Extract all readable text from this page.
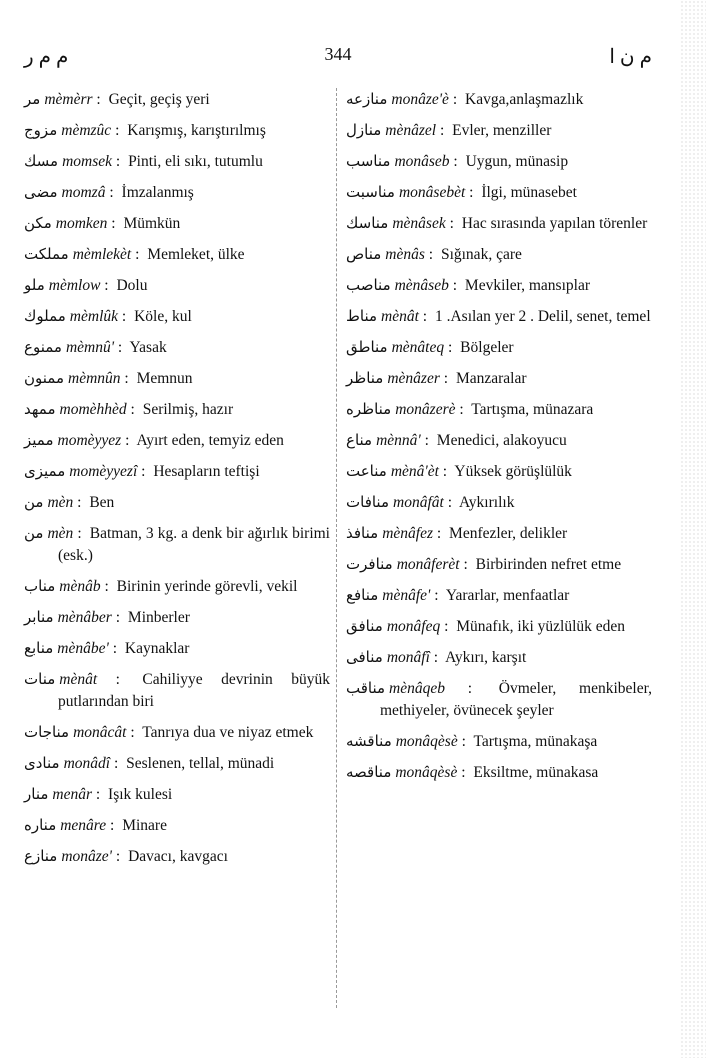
م م ر	344	م ن ا
مر mèmèrr : Geçit, geçiş yeri
مزوج mèmzûc : Karışmış, karıştırılmış
مسك momsek : Pinti, eli sıkı, tutumlu
مضى momzâ : İmzalanmış
مكن momken : Mümkün
مملكت mèmlekèt : Memleket, ülke
ملو mèmlow : Dolu
مملوك mèmlûk : Köle, kul
ممنوع mèmnû' : Yasak
ممنون mèmnûn : Memnun
ممهد momèhhèd : Serilmiş, hazır
مميز momèyyez : Ayırt eden, temyiz eden
مميزى momèyyezî : Hesapların teftişi
من mèn : Ben
من mèn : Batman, 3 kg. a denk bir ağırlık birimi (esk.)
مناب mènâb : Birinin yerinde görevli, vekil
منابر mènâber : Minberler
منابع mènâbe' : Kaynaklar
منات mènât : Cahiliyye devrinin büyük putlarından biri
مناجات monâcât : Tanrıya dua ve niyaz etmek
منادى monâdî : Seslenen, tellal, münadi
منار menâr : Işık kulesi
مناره menâre : Minare
منازع monâze' : Davacı, kavgacı
منازعه monâze'è : Kavga,anlaşmazlık
منازل mènâzel : Evler, menziller
مناسب monâseb : Uygun, münasip
مناسبت monâsebèt : İlgi, münasebet
مناسك mènâsek : Hac sırasında yapılan törenler
مناص mènâs : Sığınak, çare
مناصب mènâseb : Mevkiler, mansıplar
مناط mènât : 1 .Asılan yer 2 . Delil, senet, temel
مناطق mènâteq : Bölgeler
مناظر mènâzer : Manzaralar
مناظره monâzerè : Tartışma, münazara
مناع mènnâ' : Menedici, alakoyucu
مناعت mènâ'èt : Yüksek görüşlülük
منافات monâfât : Aykırılık
منافذ mènâfez : Menfezler, delikler
منافرت monâferèt : Birbirinden nefret etme
منافع mènâfe' : Yararlar, menfaatlar
منافق monâfeq : Münafık, iki yüzlülük eden
منافى monâfî : Aykırı, karşıt
مناقب mènâqeb : Övmeler, menkibeler, methiyeler, övünecek şeyler
مناقشه monâqèsè : Tartışma, münakaşa
مناقصه monâqèsè : Eksiltme, münakasa
